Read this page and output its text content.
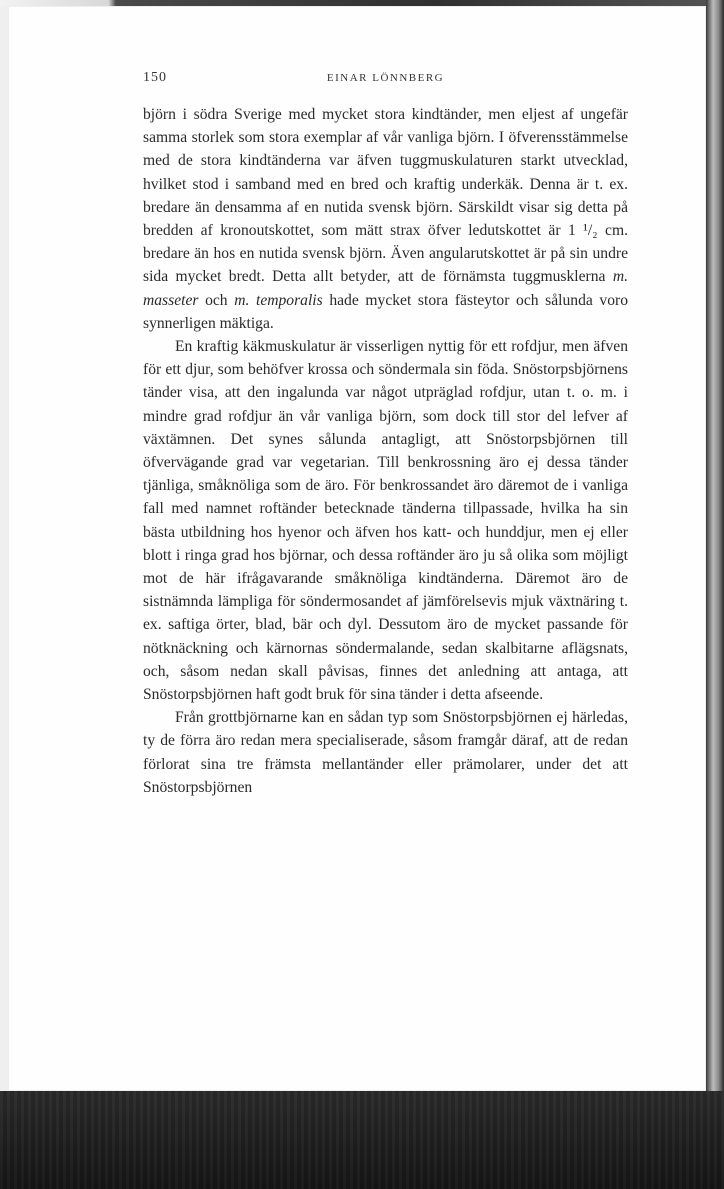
150	EINAR LÖNNBERG

björn i södra Sverige med mycket stora kindtänder, men eljest af ungefär samma storlek som stora exemplar af vår vanliga björn. I öfverensstämmelse med de stora kindtänderna var äfven tuggmuskulaturen starkt utvecklad, hvilket stod i samband med en bred och kraftig underkäk. Denna är t. ex. bredare än densamma af en nutida svensk björn. Särskildt visar sig detta på bredden af kronoutskottet, som mätt strax öfver ledutskottet är 1 ¹/₂ cm. bredare än hos en nutida svensk björn. Även angularutskottet är på sin undre sida mycket bredt. Detta allt betyder, att de förnämsta tuggmusklerna m. masseter och m. temporalis hade mycket stora fästeytor och sålunda voro synnerligen mäktiga.

En kraftig käkmuskulatur är visserligen nyttig för ett rofdjur, men äfven för ett djur, som behöfver krossa och söndermala sin föda. Snöstorpsbjörnens tänder visa, att den ingalunda var något utpräglad rofdjur, utan t. o. m. i mindre grad rofdjur än vår vanliga björn, som dock till stor del lefver af växtämnen. Det synes sålunda antagligt, att Snöstorpsbjörnen till öfvervägande grad var vegetarian. Till benkrossning äro ej dessa tänder tjänliga, småknöliga som de äro. För benkrossandet äro däremot de i vanliga fall med namnet roftänder betecknade tänderna tillpassade, hvilka ha sin bästa utbildning hos hyenor och äfven hos katt- och hunddjur, men ej eller blott i ringa grad hos björnar, och dessa roftänder äro ju så olika som möjligt mot de här ifrågavarande småknöliga kindtänderna. Däremot äro de sistnämnda lämpliga för söndermosandet af jämförelsevis mjuk växtnäring t. ex. saftiga örter, blad, bär och dyl. Dessutom äro de mycket passande för nötknäckning och kärnornas söndermalande, sedan skalbitarne aflägsnats, och, såsom nedan skall påvisas, finnes det anledning att antaga, att Snöstorpsbjörnen haft godt bruk för sina tänder i detta afseende.

Från grottbjörnarne kan en sådan typ som Snöstorpsbjörnen ej härledas, ty de förra äro redan mera specialiserade, såsom framgår däraf, att de redan förlorat sina tre främsta mellantänder eller prämolarer, under det att Snöstorpsbjörnen
